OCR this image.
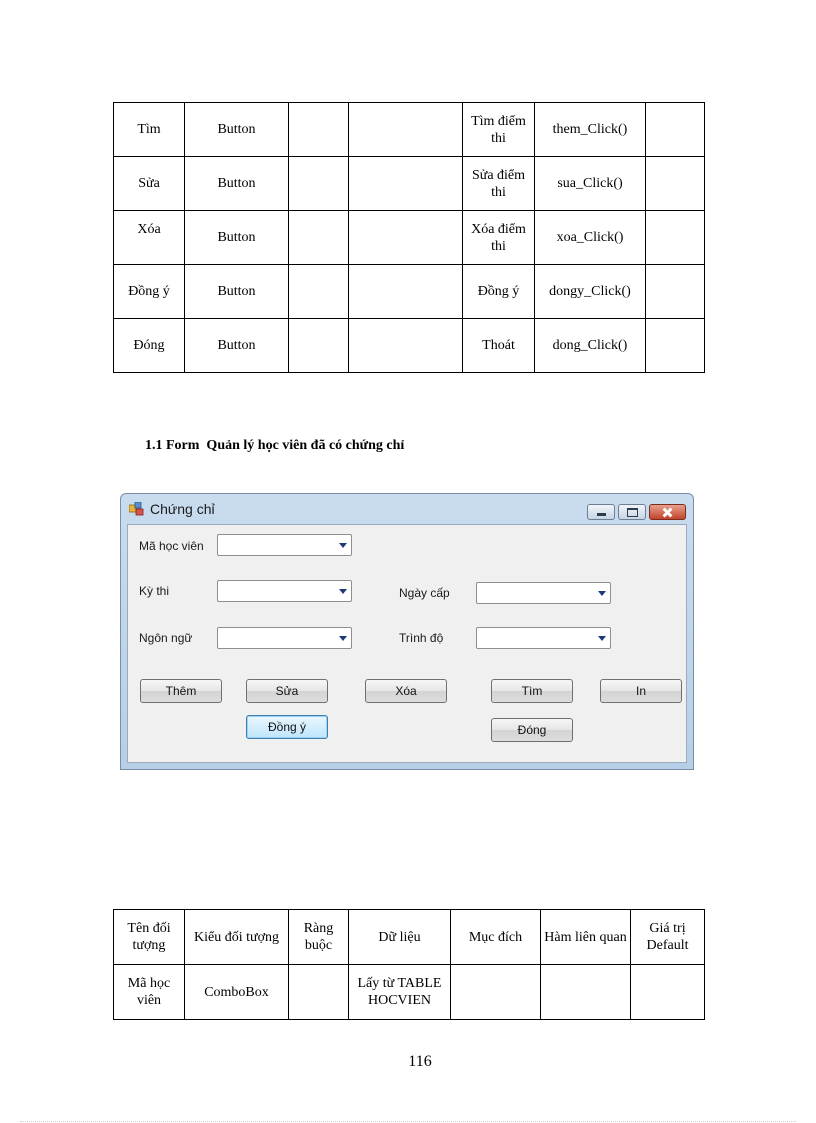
Tìm	Button			Tìm điểm thi	them_Click()	
Sửa	Button			Sửa điểm thi	sua_Click()	
Xóa	Button			Xóa điểm thi	xoa_Click()	
Đồng ý	Button			Đồng ý	dongy_Click()	
Đóng	Button			Thoát	dong_Click()	
1.1 Form  Quản lý học viên đã có chứng chỉ
Chứng chỉ
Mã học viên
Kỳ thi	Ngày cấp
Ngôn ngữ	Trình độ
Thêm	Sửa	Xóa	Tìm	In
Đồng ý	Đóng
Tên đối tượng	Kiểu đối tượng	Ràng buộc	Dữ liệu	Mục đích	Hàm liên quan	Giá trị Default
Mã học viên	ComboBox		Lấy từ TABLE HOCVIEN			
116
